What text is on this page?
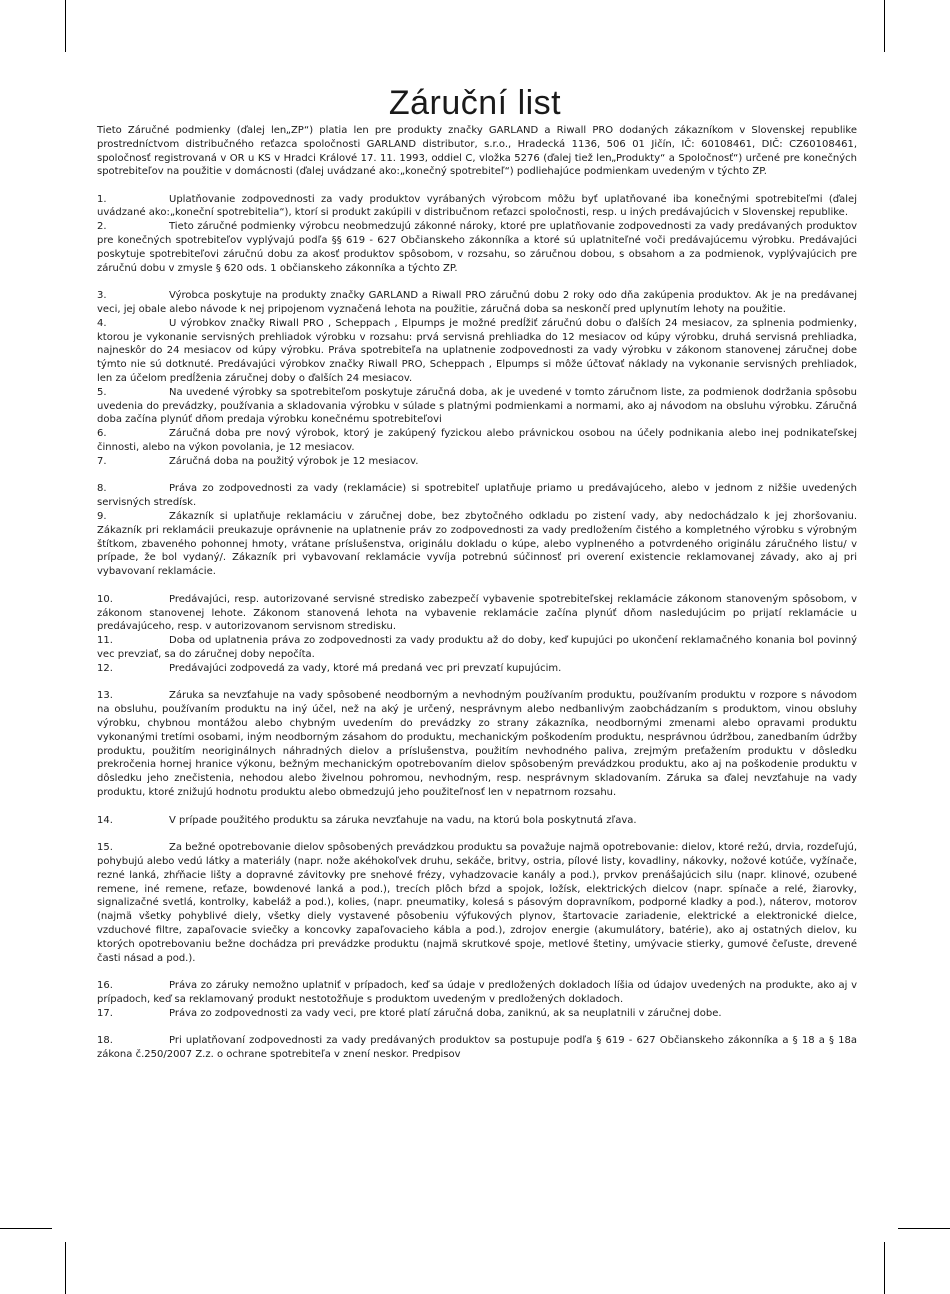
Záruční list

Tieto Záručné podmienky (ďalej len„ZP“) platia len pre produkty značky GARLAND a Riwall PRO dodaných zákazníkom v Slovenskej republike prostredníctvom distribučného reťazca spoločnosti GARLAND distributor, s.r.o., Hradecká 1136, 506 01 Jičín, IČ: 60108461, DIČ: CZ60108461, spoločnosť registrovaná v OR u KS v Hradci Králové 17. 11. 1993, oddiel C, vložka 5276 (ďalej tiež len„Produkty“ a Spoločnosť“) určené pre konečných spotrebiteľov na použitie v domácnosti (ďalej uvádzané ako:„konečný spotrebiteľ“) podliehajúce podmienkam uvedeným v týchto ZP.

1.	Uplatňovanie zodpovednosti za vady produktov vyrábaných výrobcom môžu byť uplatňované iba konečnými spotrebiteľmi (ďalej uvádzané ako:„koneční spotrebitelia“), ktorí si produkt zakúpili v distribučnom reťazci spoločnosti, resp. u iných predávajúcich v Slovenskej republike.

2.	Tieto záručné podmienky výrobcu neobmedzujú zákonné nároky, ktoré pre uplatňovanie zodpovednosti za vady predávaných produktov pre konečných spotrebiteľov vyplývajú podľa §§ 619 - 627 Občianskeho zákonníka a ktoré sú uplatniteľné voči predávajúcemu výrobku. Predávajúci poskytuje spotrebiteľovi záručnú dobu za akosť produktov spôsobom, v rozsahu, so záručnou dobou, s obsahom a za podmienok, vyplývajúcich pre záručnú dobu v zmysle § 620 ods. 1 občianskeho zákonníka a týchto ZP.

3.	Výrobca poskytuje na produkty značky GARLAND a Riwall PRO záručnú dobu 2 roky odo dňa zakúpenia produktov. Ak je na predávanej veci, jej obale alebo návode k nej pripojenom vyznačená lehota na použitie, záručná doba sa neskončí pred uplynutím lehoty na použitie.

4.	U výrobkov značky Riwall PRO , Scheppach , Elpumps je možné predĺžiť záručnú dobu o ďalších 24 mesiacov, za splnenia podmienky, ktorou je vykonanie servisných prehliadok výrobku v rozsahu: prvá servisná prehliadka do 12 mesiacov od kúpy výrobku, druhá servisná prehliadka, najneskôr do 24 mesiacov od kúpy výrobku. Práva spotrebiteľa na uplatnenie zodpovednosti za vady výrobku v zákonom stanovenej záručnej dobe týmto nie sú dotknuté. Predávajúci výrobkov značky Riwall PRO, Scheppach , Elpumps si môže účtovať náklady na vykonanie servisných prehliadok, len za účelom predĺženia záručnej doby o ďalších 24 mesiacov.

5.	Na uvedené výrobky sa spotrebiteľom poskytuje záručná doba, ak je uvedené v tomto záručnom liste, za podmienok dodržania spôsobu uvedenia do prevádzky, používania a skladovania výrobku v súlade s platnými podmienkami a normami, ako aj návodom na obsluhu výrobku. Záručná doba začína plynúť dňom predaja výrobku konečnému spotrebiteľovi

6.	Záručná doba pre nový výrobok, ktorý je zakúpený fyzickou alebo právnickou osobou na účely podnikania alebo inej podnikateľskej činnosti, alebo na výkon povolania, je 12 mesiacov.

7.	Záručná doba na použitý výrobok je 12 mesiacov.

8.	Práva zo zodpovednosti za vady (reklamácie) si spotrebiteľ uplatňuje priamo u predávajúceho, alebo v jednom z nižšie uvedených servisných stredísk.

9.	Zákazník si uplatňuje reklamáciu v záručnej dobe, bez zbytočného odkladu po zistení vady, aby nedochádzalo k jej zhoršovaniu. Zákazník pri reklamácii preukazuje oprávnenie na uplatnenie práv zo zodpovednosti za vady predložením čistého a kompletného výrobku s výrobným štítkom, zbaveného pohonnej hmoty, vrátane príslušenstva, originálu dokladu o kúpe, alebo vyplneného a potvrdeného originálu záručného listu/ v prípade, že bol vydaný/. Zákazník pri vybavovaní reklamácie vyvíja potrebnú súčinnosť pri overení existencie reklamovanej závady, ako aj pri vybavovaní reklamácie.

10.	Predávajúci, resp. autorizované servisné stredisko zabezpečí vybavenie spotrebiteľskej reklamácie zákonom stanoveným spôsobom, v zákonom stanovenej lehote. Zákonom stanovená lehota na vybavenie reklamácie začína plynúť dňom nasledujúcim po prijatí reklamácie u predávajúceho, resp. v autorizovanom servisnom stredisku.

11.	Doba od uplatnenia práva zo zodpovednosti za vady produktu až do doby, keď kupujúci po ukončení reklamačného konania bol povinný vec prevziať, sa do záručnej doby nepočíta.

12.	Predávajúci zodpovedá za vady, ktoré má predaná vec pri prevzatí kupujúcim.

13.	Záruka sa nevzťahuje na vady spôsobené neodborným a nevhodným používaním produktu, používaním produktu v rozpore s návodom na obsluhu, používaním produktu na iný účel, než na aký je určený, nesprávnym alebo nedbanlivým zaobchádzaním s produktom, vinou obsluhy výrobku, chybnou montážou alebo chybným uvedením do prevádzky zo strany zákazníka, neodbornými zmenami alebo opravami produktu vykonanými tretími osobami, iným neodborným zásahom do produktu, mechanickým poškodením produktu, nesprávnou údržbou, zanedbaním údržby produktu, použitím neoriginálnych náhradných dielov a príslušenstva, použitím nevhodného paliva, zrejmým preťažením produktu v dôsledku prekročenia hornej hranice výkonu, bežným mechanickým opotrebovaním dielov spôsobeným prevádzkou produktu, ako aj na poškodenie produktu v dôsledku jeho znečistenia, nehodou alebo živelnou pohromou, nevhodným, resp. nesprávnym skladovaním. Záruka sa ďalej nevzťahuje na vady produktu, ktoré znižujú hodnotu produktu alebo obmedzujú jeho použiteľnosť len v nepatrnom rozsahu.

14.	V prípade použitého produktu sa záruka nevzťahuje na vadu, na ktorú bola poskytnutá zľava.

15.	Za bežné opotrebovanie dielov spôsobených prevádzkou produktu sa považuje najmä opotrebovanie: dielov, ktoré režú, drvia, rozdeľujú, pohybujú alebo vedú látky a materiály (napr. nože akéhokoľvek druhu, sekáče, britvy, ostria, pílové listy, kovadliny, nákovky, nožové kotúče, vyžínače, rezné lanká, zhŕňacie lišty a dopravné závitovky pre snehové frézy, vyhadzovacie kanály a pod.), prvkov prenášajúcich silu (napr. klinové, ozubené remene, iné remene, reťaze, bowdenové lanká a pod.), trecích plôch bŕzd a spojok, ložísk, elektrických dielcov (napr. spínače a relé, žiarovky, signalizačné svetlá, kontrolky, kabeláž a pod.), kolies, (napr. pneumatiky, kolesá s pásovým dopravníkom, podporné kladky a pod.), náterov, motorov (najmä všetky pohyblivé diely, všetky diely vystavené pôsobeniu výfukových plynov, štartovacie zariadenie, elektrické a elektronické dielce, vzduchové filtre, zapaľovacie sviečky a koncovky zapaľovacieho kábla a pod.), zdrojov energie (akumulátory, batérie), ako aj ostatných dielov, ku ktorých opotrebovaniu bežne dochádza pri prevádzke produktu (najmä skrutkové spoje, metlové štetiny, umývacie stierky, gumové čeľuste, drevené časti násad a pod.).

16.	Práva zo záruky nemožno uplatniť v prípadoch, keď sa údaje v predložených dokladoch líšia od údajov uvedených na produkte, ako aj v prípadoch, keď sa reklamovaný produkt nestotožňuje s produktom uvedeným v predložených dokladoch.

17.	Práva zo zodpovednosti za vady veci, pre ktoré platí záručná doba, zaniknú, ak sa neuplatnili v záručnej dobe.

18.	Pri uplatňovaní zodpovednosti za vady predávaných produktov sa postupuje podľa § 619 - 627 Občianskeho zákonníka a § 18 a § 18a zákona č.250/2007 Z.z. o ochrane spotrebiteľa v znení neskor. Predpisov
